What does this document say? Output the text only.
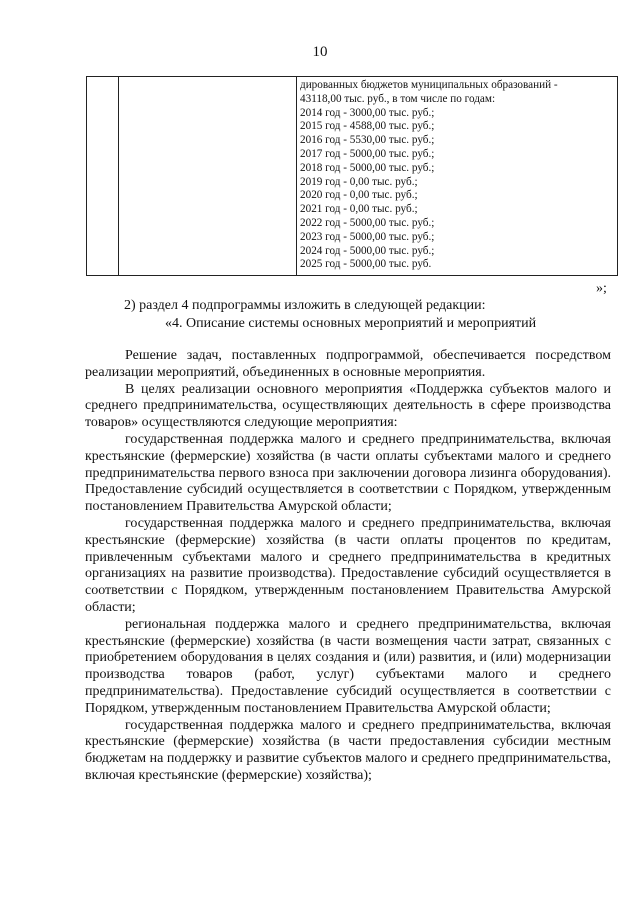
10
дированных бюджетов муниципальных образований -
43118,00 тыс. руб., в том числе по годам:
2014 год - 3000,00 тыс. руб.;
2015 год - 4588,00 тыс. руб.;
2016 год - 5530,00 тыс. руб.;
2017 год - 5000,00 тыс. руб.;
2018 год - 5000,00 тыс. руб.;
2019 год - 0,00 тыс. руб.;
2020 год - 0,00 тыс. руб.;
2021 год - 0,00 тыс. руб.;
2022 год - 5000,00 тыс. руб.;
2023 год - 5000,00 тыс. руб.;
2024 год - 5000,00 тыс. руб.;
2025 год - 5000,00 тыс. руб.
»;
2) раздел 4 подпрограммы изложить в следующей редакции:
«4. Описание системы основных мероприятий и мероприятий

Решение задач, поставленных подпрограммой, обеспечивается посредством реализации мероприятий, объединенных в основные мероприятия.

В целях реализации основного мероприятия «Поддержка субъектов малого и среднего предпринимательства, осуществляющих деятельность в сфере производства товаров» осуществляются следующие мероприятия:

государственная поддержка малого и среднего предпринимательства, включая крестьянские (фермерские) хозяйства (в части оплаты субъектами малого и среднего предпринимательства первого взноса при заключении договора лизинга оборудования). Предоставление субсидий осуществляется в соответствии с Порядком, утвержденным постановлением Правительства Амурской области;

государственная поддержка малого и среднего предпринимательства, включая крестьянские (фермерские) хозяйства (в части оплаты процентов по кредитам, привлеченным субъектами малого и среднего предпринимательства в кредитных организациях на развитие производства). Предоставление субсидий осуществляется в соответствии с Порядком, утвержденным постановлением Правительства Амурской области;

региональная поддержка малого и среднего предпринимательства, включая крестьянские (фермерские) хозяйства (в части возмещения части затрат, связанных с приобретением оборудования в целях создания и (или) развития, и (или) модернизации производства товаров (работ, услуг) субъектами малого и среднего предпринимательства). Предоставление субсидий осуществляется в соответствии с Порядком, утвержденным постановлением Правительства Амурской области;

государственная поддержка малого и среднего предпринимательства, включая крестьянские (фермерские) хозяйства (в части предоставления субсидии местным бюджетам на поддержку и развитие субъектов малого и среднего предпринимательства, включая крестьянские (фермерские) хозяйства);
